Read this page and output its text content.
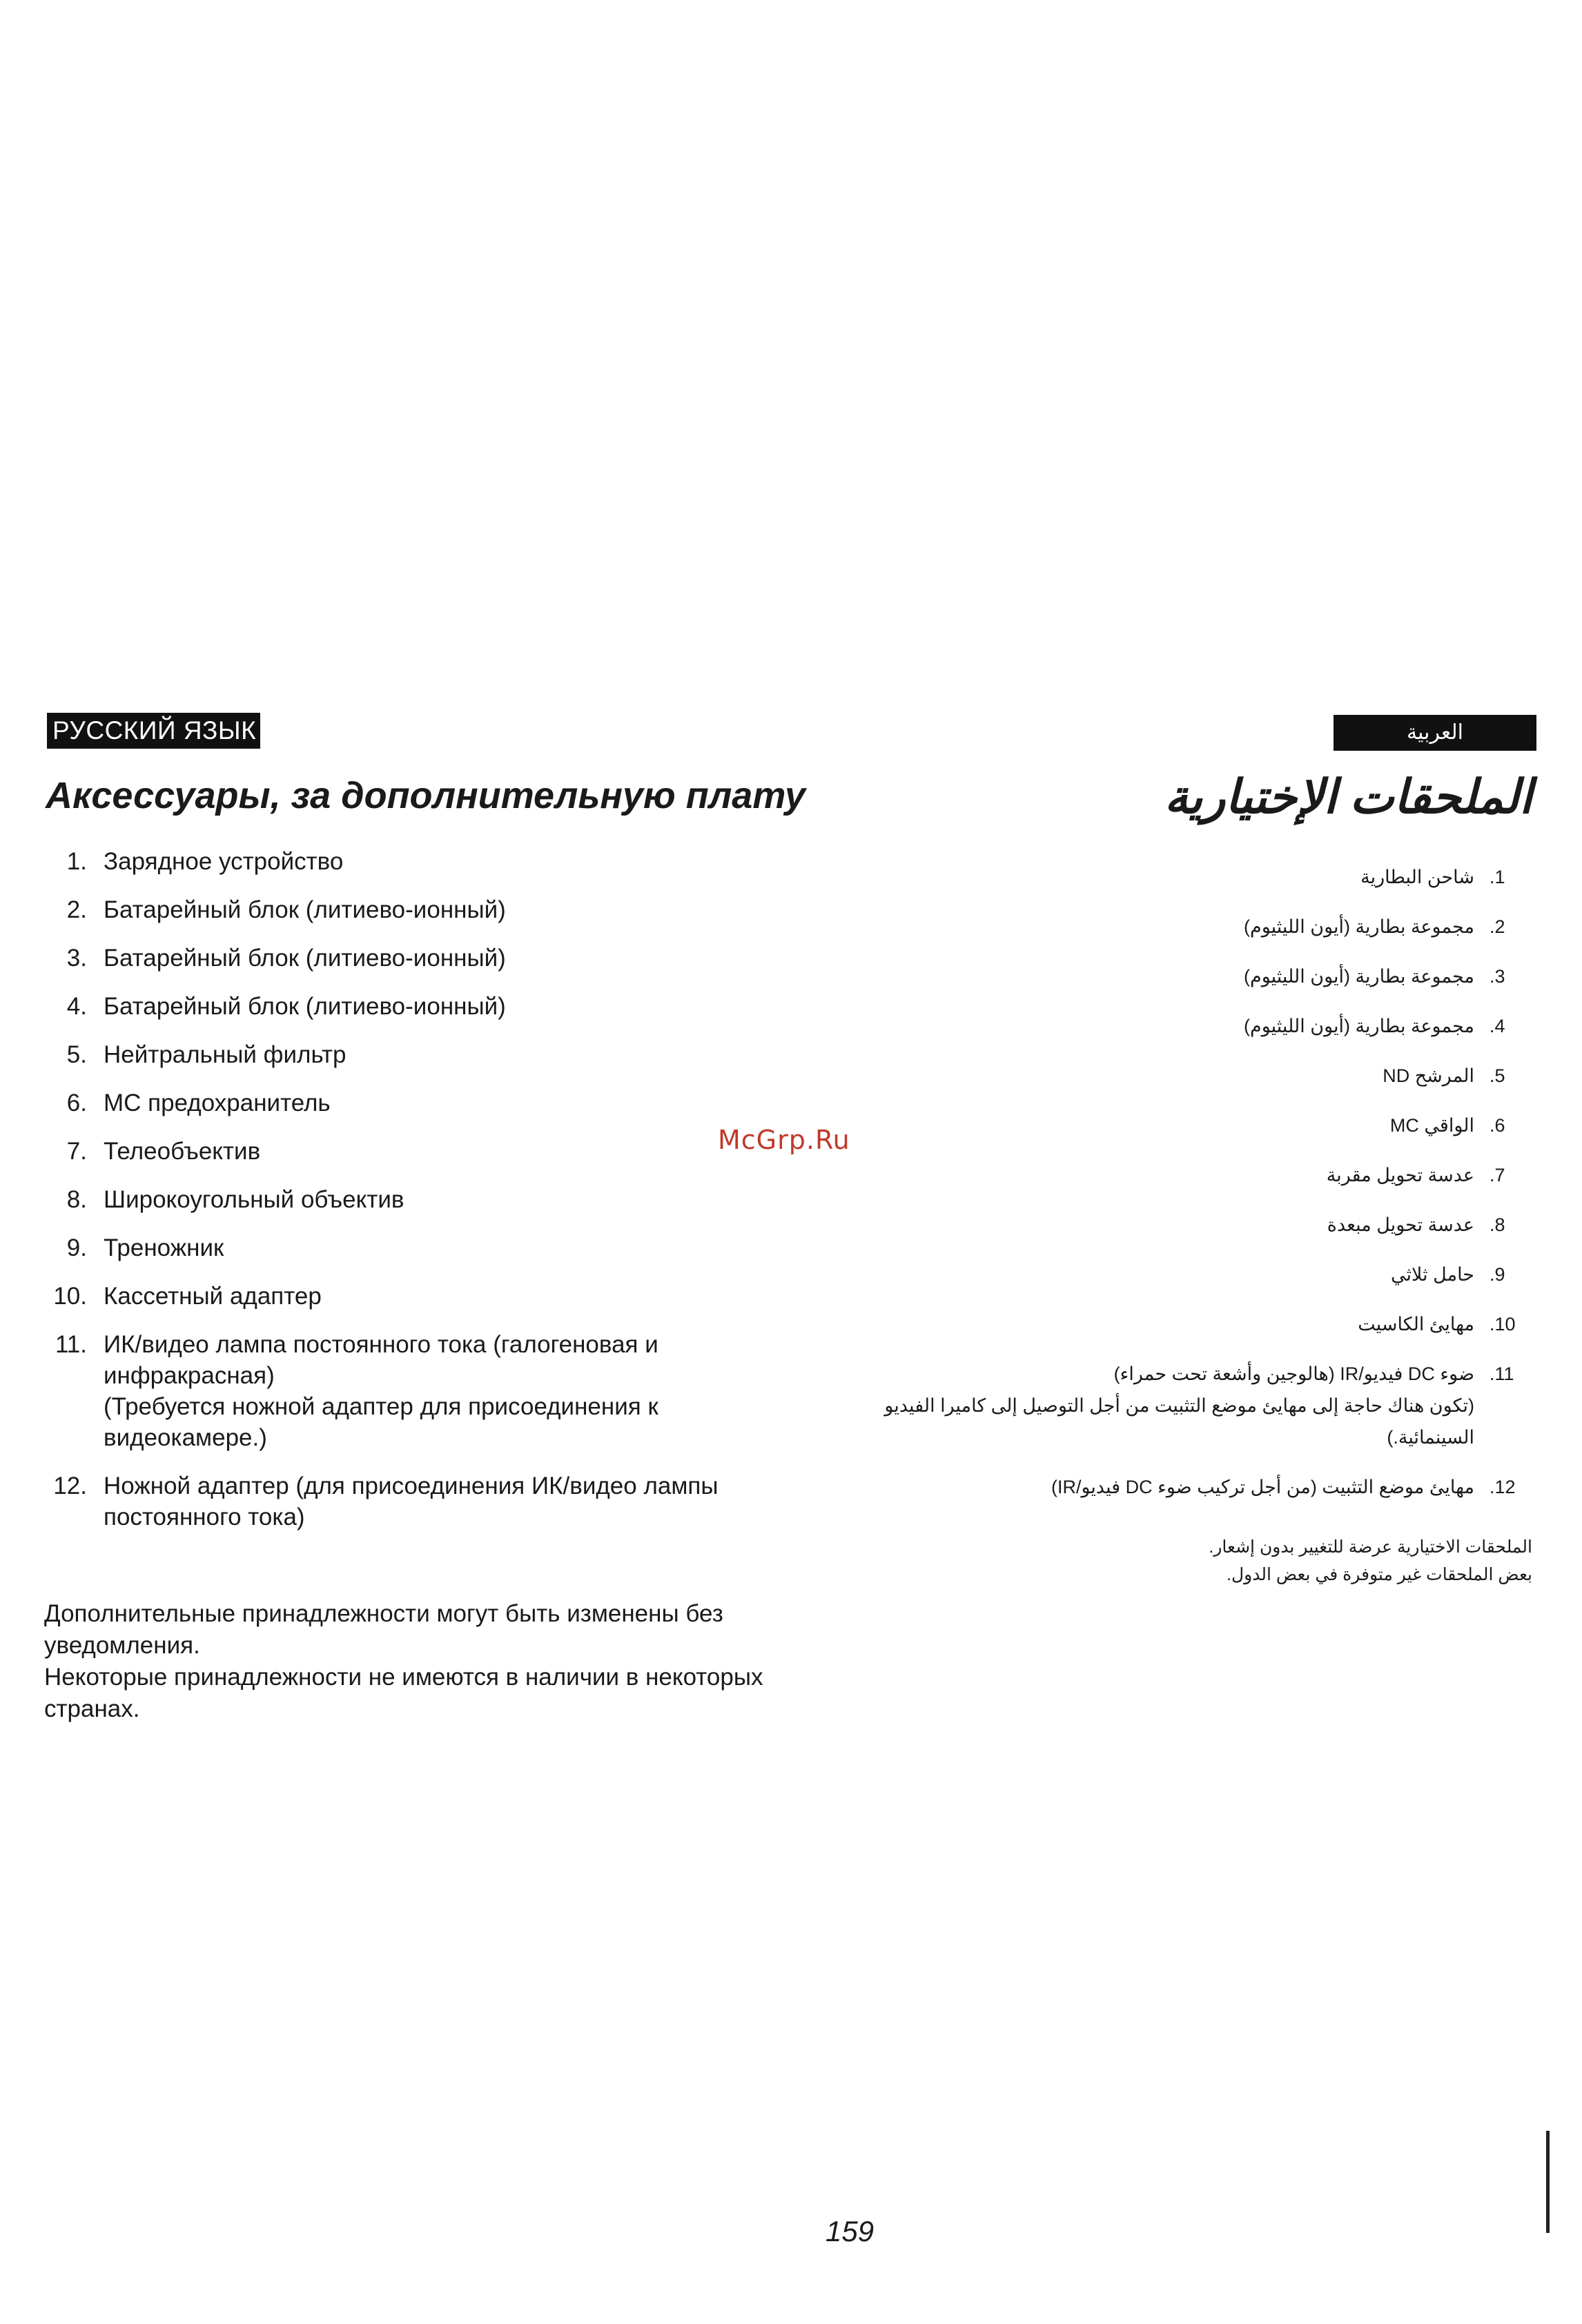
РУССКИЙ ЯЗЫК	العربية
Аксессуары, за дополнительную плату	الملحقات الإختيارية
1. Зарядное устройство
2. Батарейный блок (литиево-ионный)
3. Батарейный блок (литиево-ионный)
4. Батарейный блок (литиево-ионный)
5. Нейтральный фильтр
6. MC предохранитель
7. Телеобъектив
8. Широкоугольный объектив
9. Треножник
10. Кассетный адаптер
11. ИК/видео лампа постоянного тока (галогеновая и
инфракрасная)
(Требуется ножной адаптер для присоединения к
видеокамере.)
12. Ножной адаптер (для присоединения ИК/видео лампы
постоянного тока)
Дополнительные принадлежности могут быть изменены без
уведомления.
Некоторые принадлежности не имеются в наличии в некоторых
странах.
.1
شاحن البطارية
.2
مجموعة بطارية (أيون الليثيوم)
.3
مجموعة بطارية (أيون الليثيوم)
.4
مجموعة بطارية (أيون الليثيوم)
.5
المرشح ND
.6
الواقي MC
.7
عدسة تحويل مقربة
.8
عدسة تحويل مبعدة
.9
حامل ثلاثي
.10
مهايئ الكاسيت
.11
ضوء DC فيديو/IR (هالوجين وأشعة تحت حمراء)
(تكون هناك حاجة إلى مهايئ موضع التثبيت من أجل التوصيل إلى كاميرا الفيديو
السينمائية.)
.12
مهايئ موضع التثبيت (من أجل تركيب ضوء DC فيديو/IR)
الملحقات الاختيارية عرضة للتغيير بدون إشعار.
بعض الملحقات غير متوفرة في بعض الدول.
McGrp.Ru
159
